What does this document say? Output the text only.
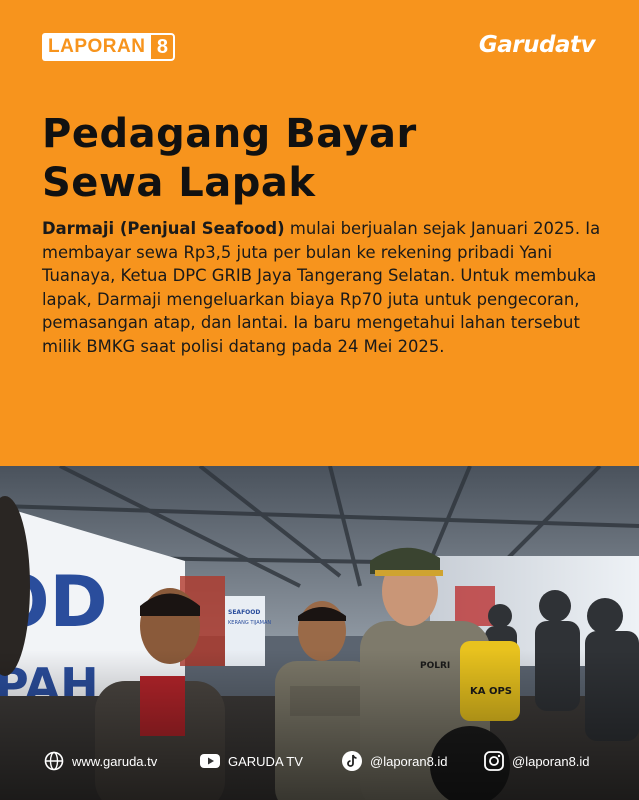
LAPORAN 8	Garudatv
Pedagang Bayar
Sewa Lapak

Darmaji (Penjual Seafood) mulai berjualan sejak Januari 2025. Ia membayar sewa Rp3,5 juta per bulan ke rekening pribadi Yani Tuanaya, Ketua DPC GRIB Jaya Tangerang Selatan. Untuk membuka lapak, Darmaji mengeluarkan biaya Rp70 juta untuk pengecoran, pemasangan atap, dan lantai. Ia baru mengetahui lahan tersebut milik BMKG saat polisi datang pada 24 Mei 2025.

www.garuda.tv	GARUDA TV	@laporan8.id	@laporan8.id
